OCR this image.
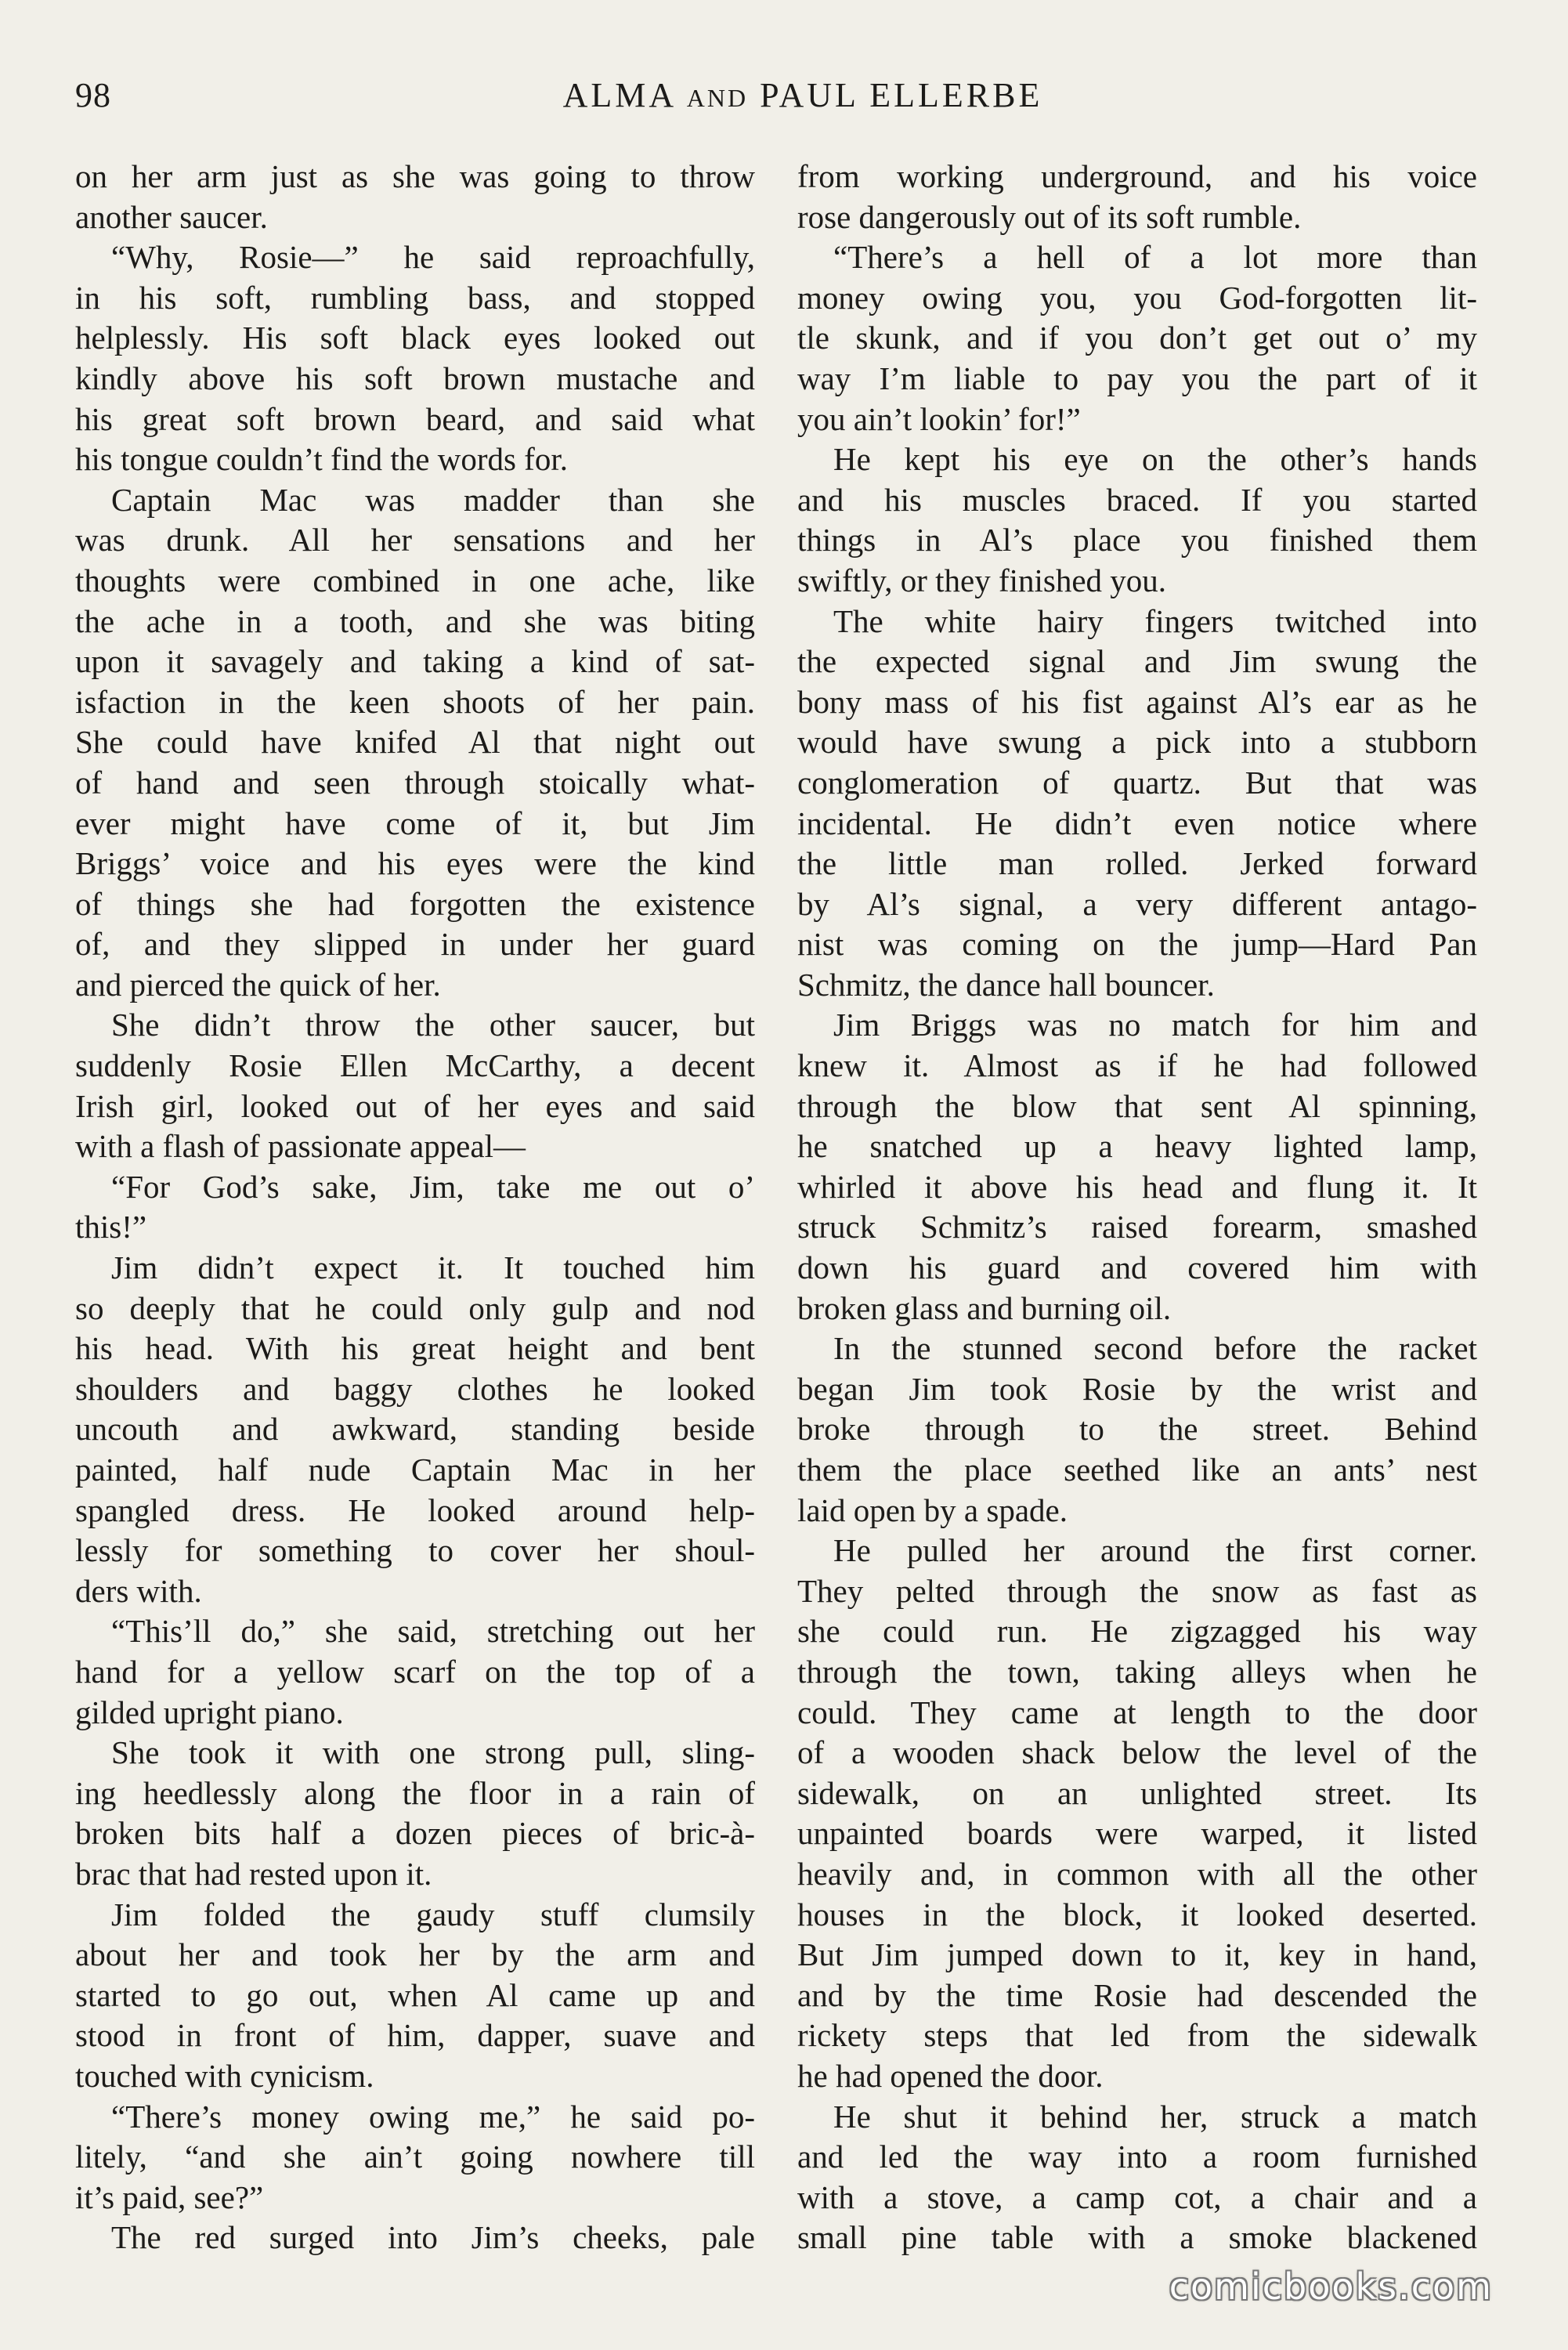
98	ALMA AND PAUL ELLERBE
on her arm just as she was going to throw
another saucer.
“Why, Rosie—” he said reproachfully,
in his soft, rumbling bass, and stopped
helplessly. His soft black eyes looked out
kindly above his soft brown mustache and
his great soft brown beard, and said what
his tongue couldn’t find the words for.
Captain Mac was madder than she
was drunk. All her sensations and her
thoughts were combined in one ache, like
the ache in a tooth, and she was biting
upon it savagely and taking a kind of sat-
isfaction in the keen shoots of her pain.
She could have knifed Al that night out
of hand and seen through stoically what-
ever might have come of it, but Jim
Briggs’ voice and his eyes were the kind
of things she had forgotten the existence
of, and they slipped in under her guard
and pierced the quick of her.
She didn’t throw the other saucer, but
suddenly Rosie Ellen McCarthy, a decent
Irish girl, looked out of her eyes and said
with a flash of passionate appeal—
“For God’s sake, Jim, take me out o’
this!”
Jim didn’t expect it. It touched him
so deeply that he could only gulp and nod
his head. With his great height and bent
shoulders and baggy clothes he looked
uncouth and awkward, standing beside
painted, half nude Captain Mac in her
spangled dress. He looked around help-
lessly for something to cover her shoul-
ders with.
“This’ll do,” she said, stretching out her
hand for a yellow scarf on the top of a
gilded upright piano.
She took it with one strong pull, sling-
ing heedlessly along the floor in a rain of
broken bits half a dozen pieces of bric-à-
brac that had rested upon it.
Jim folded the gaudy stuff clumsily
about her and took her by the arm and
started to go out, when Al came up and
stood in front of him, dapper, suave and
touched with cynicism.
“There’s money owing me,” he said po-
litely, “and she ain’t going nowhere till
it’s paid, see?”
The red surged into Jim’s cheeks, pale
from working underground, and his voice
rose dangerously out of its soft rumble.
“There’s a hell of a lot more than
money owing you, you God-forgotten lit-
tle skunk, and if you don’t get out o’ my
way I’m liable to pay you the part of it
you ain’t lookin’ for!”
He kept his eye on the other’s hands
and his muscles braced. If you started
things in Al’s place you finished them
swiftly, or they finished you.
The white hairy fingers twitched into
the expected signal and Jim swung the
bony mass of his fist against Al’s ear as he
would have swung a pick into a stubborn
conglomeration of quartz. But that was
incidental. He didn’t even notice where
the little man rolled. Jerked forward
by Al’s signal, a very different antago-
nist was coming on the jump—Hard Pan
Schmitz, the dance hall bouncer.
Jim Briggs was no match for him and
knew it. Almost as if he had followed
through the blow that sent Al spinning,
he snatched up a heavy lighted lamp,
whirled it above his head and flung it. It
struck Schmitz’s raised forearm, smashed
down his guard and covered him with
broken glass and burning oil.
In the stunned second before the racket
began Jim took Rosie by the wrist and
broke through to the street. Behind
them the place seethed like an ants’ nest
laid open by a spade.
He pulled her around the first corner.
They pelted through the snow as fast as
she could run. He zigzagged his way
through the town, taking alleys when he
could. They came at length to the door
of a wooden shack below the level of the
sidewalk, on an unlighted street. Its
unpainted boards were warped, it listed
heavily and, in common with all the other
houses in the block, it looked deserted.
But Jim jumped down to it, key in hand,
and by the time Rosie had descended the
rickety steps that led from the sidewalk
he had opened the door.
He shut it behind her, struck a match
and led the way into a room furnished
with a stove, a camp cot, a chair and a
small pine table with a smoke blackened
comicbooks.com
